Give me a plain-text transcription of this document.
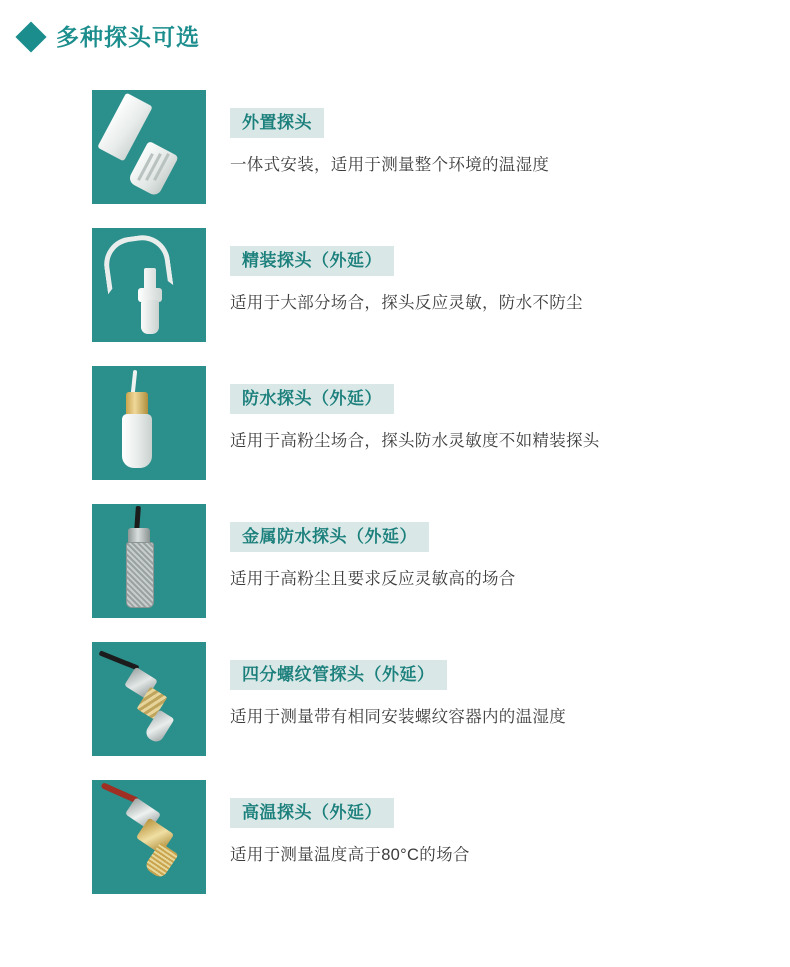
多种探头可选
外置探头
一体式安装，适用于测量整个环境的温湿度
精装探头（外延）
适用于大部分场合，探头反应灵敏，防水不防尘
防水探头（外延）
适用于高粉尘场合，探头防水灵敏度不如精装探头
金属防水探头（外延）
适用于高粉尘且要求反应灵敏高的场合
四分螺纹管探头（外延）
适用于测量带有相同安装螺纹容器内的温湿度
高温探头（外延）
适用于测量温度高于80°C的场合
